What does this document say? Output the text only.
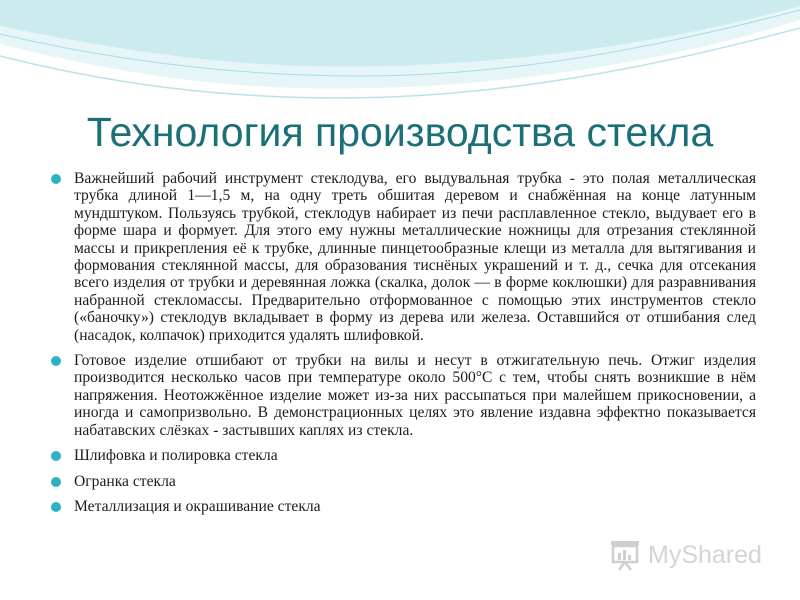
Технология производства стекла
Важнейший рабочий инструмент стеклодува, его выдувальная трубка - это полая металлическая трубка длиной 1—1,5 м, на одну треть обшитая деревом и снабжённая на конце латунным мундштуком. Пользуясь трубкой, стеклодув набирает из печи расплавленное стекло, выдувает его в форме шара и формует. Для этого ему нужны металлические ножницы для отрезания стеклянной массы и прикрепления её к трубке, длинные пинцетообразные клещи из металла для вытягивания и формования стеклянной массы, для образования тиснёных украшений и т. д., сечка для отсекания всего изделия от трубки и деревянная ложка (скалка, долок — в форме коклюшки) для разравнивания набранной стекломассы. Предварительно отформованное с помощью этих инструментов стекло («баночку») стеклодув вкладывает в форму из дерева или железа. Оставшийся от отшибания след (насадок, колпачок) приходится удалять шлифовкой.
Готовое изделие отшибают от трубки на вилы и несут в отжигательную печь. Отжиг изделия производится несколько часов при температуре около 500°C с тем, чтобы снять возникшие в нём напряжения. Неотожжённое изделие может из-за них рассыпаться при малейшем прикосновении, а иногда и самопризвольно. В демонстрационных целях это явление издавна эффектно показывается набатавских слёзках - застывших каплях из стекла.
Шлифовка и полировка стекла
Огранка стекла
Металлизация и окрашивание стекла
MyShared
